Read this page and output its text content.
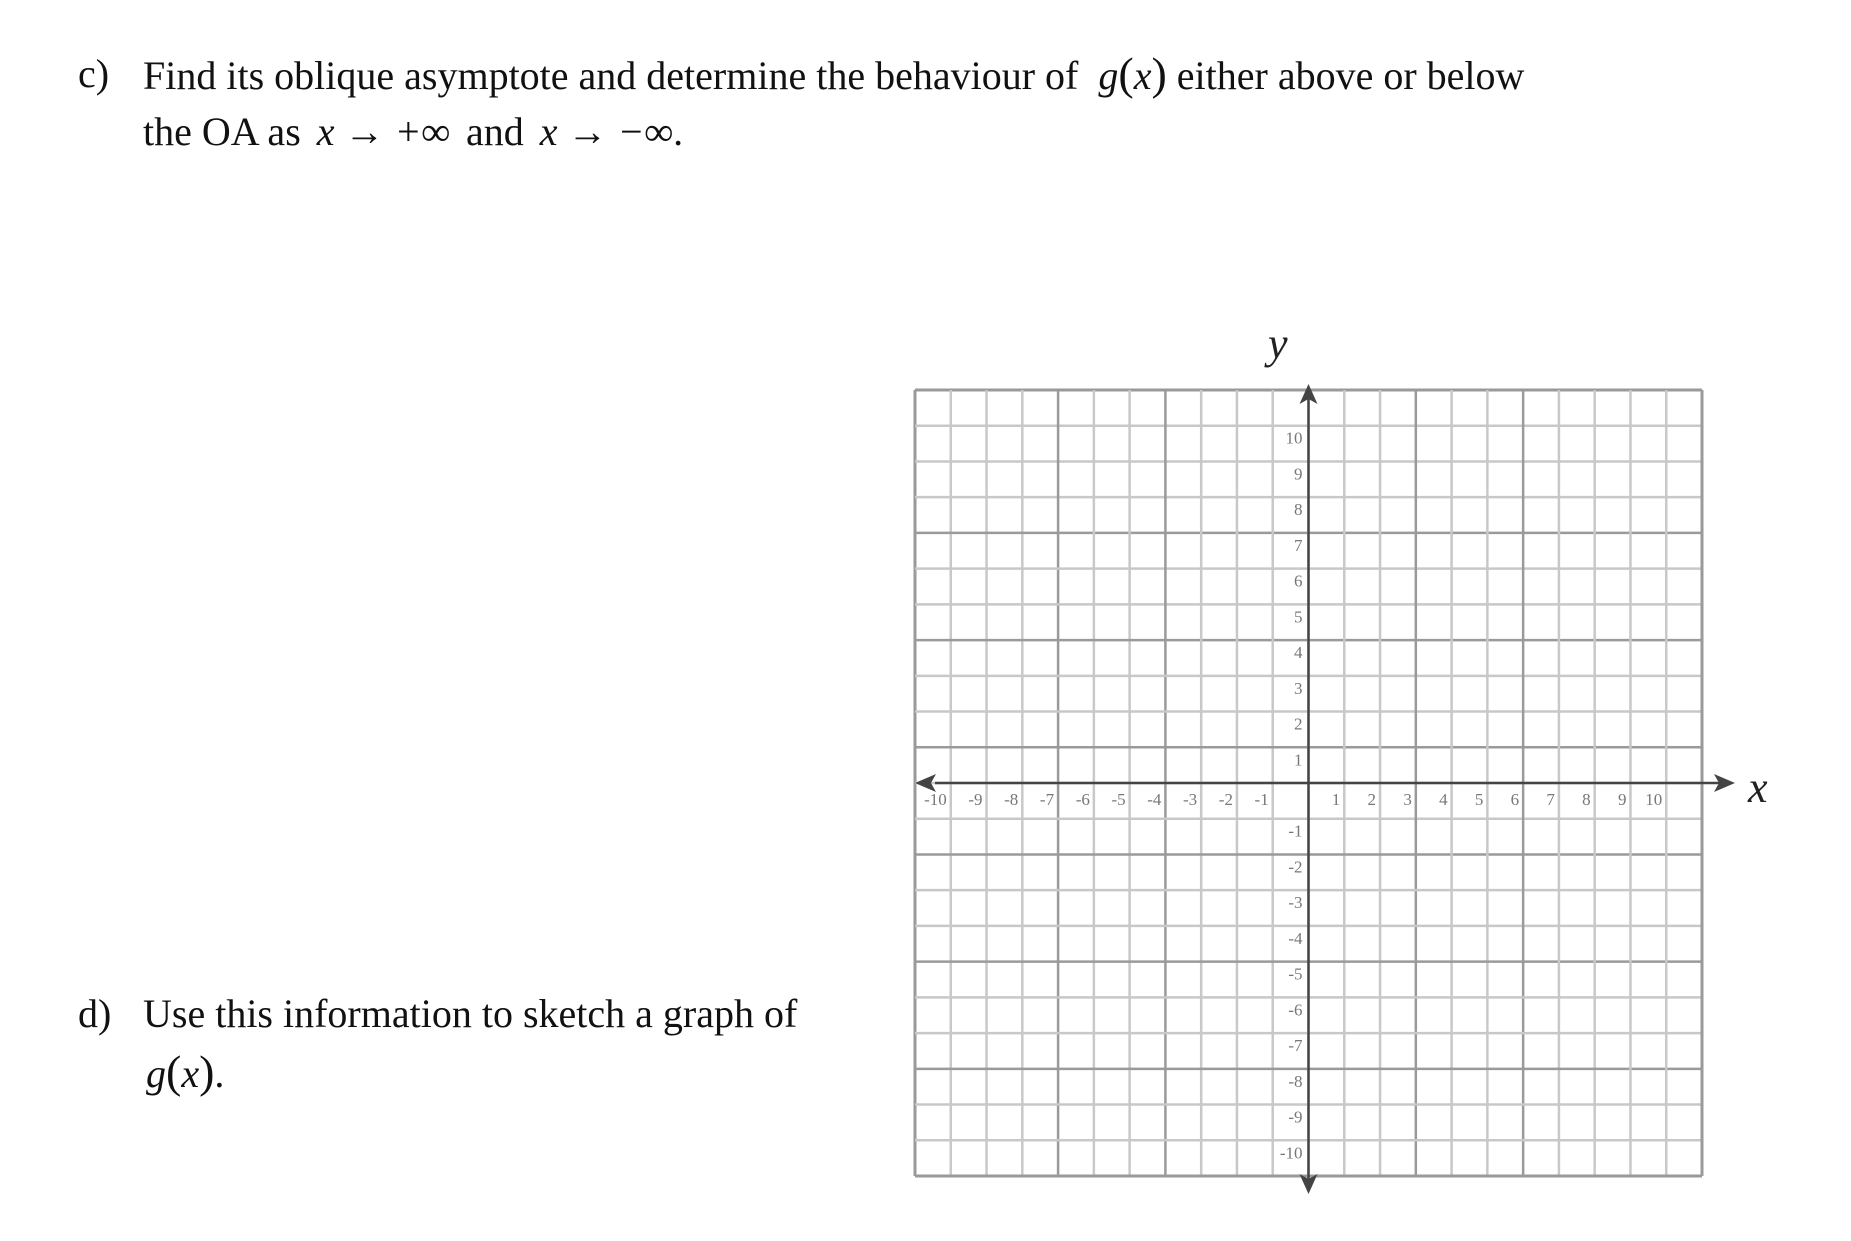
c) Find its oblique asymptote and determine the behaviour of g(x) either above or below
the OA as x → +∞ and x → −∞.
d) Use this information to sketch a graph of
g(x).
y
x
-10 -9 -8 -7 -6 -5 -4 -3 -2 -1	1 2 3 4 5 6 7 8 9 10
10
9
8
7
6
5
4
3
2
1
-1
-2
-3
-4
-5
-6
-7
-8
-9
-10
